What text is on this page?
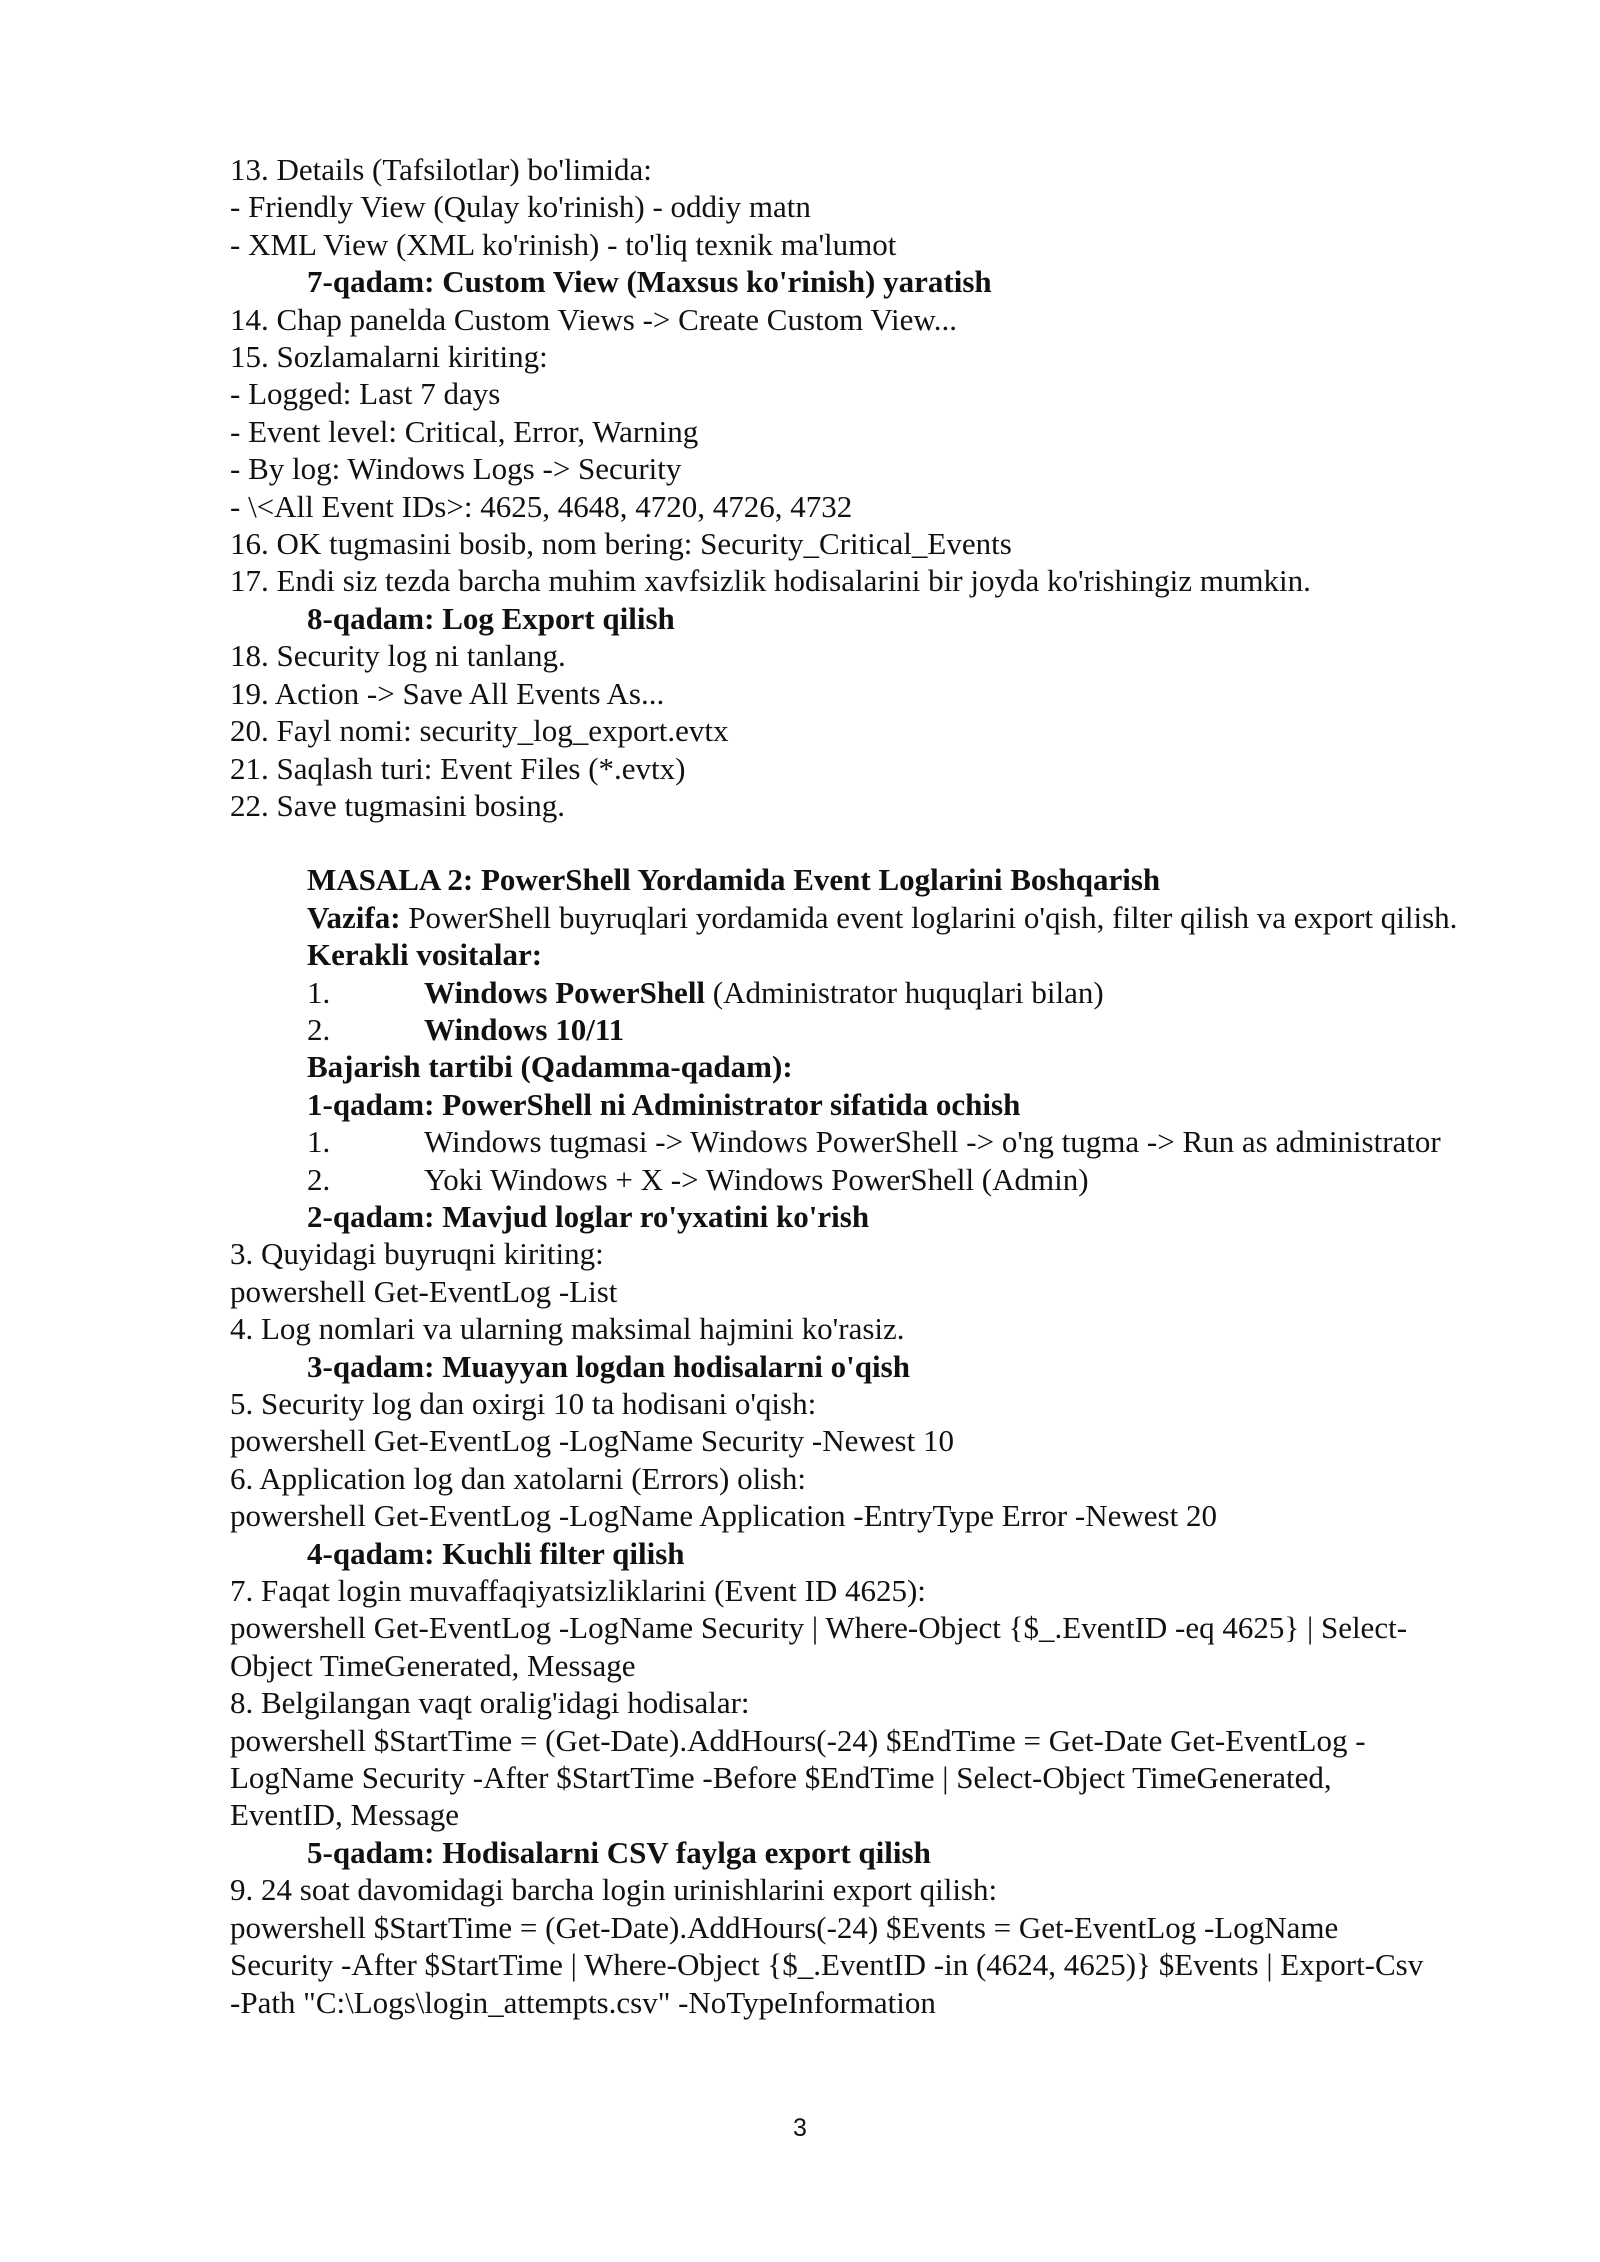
13. Details (Tafsilotlar) bo'limida:
- Friendly View (Qulay ko'rinish) - oddiy matn
- XML View (XML ko'rinish) - to'liq texnik ma'lumot
7-qadam: Custom View (Maxsus ko'rinish) yaratish
14. Chap panelda Custom Views -> Create Custom View...
15. Sozlamalarni kiriting:
- Logged: Last 7 days
- Event level: Critical, Error, Warning
- By log: Windows Logs -> Security
- \<All Event IDs>: 4625, 4648, 4720, 4726, 4732
16. OK tugmasini bosib, nom bering: Security_Critical_Events
17. Endi siz tezda barcha muhim xavfsizlik hodisalarini bir joyda ko'rishingiz mumkin.
8-qadam: Log Export qilish
18. Security log ni tanlang.
19. Action -> Save All Events As...
20. Fayl nomi: security_log_export.evtx
21. Saqlash turi: Event Files (*.evtx)
22. Save tugmasini bosing.
MASALA 2: PowerShell Yordamida Event Loglarini Boshqarish
Vazifa: PowerShell buyruqlari yordamida event loglarini o'qish, filter qilish va export qilish.
Kerakli vositalar:
1.	Windows PowerShell (Administrator huquqlari bilan)
2.	Windows 10/11
Bajarish tartibi (Qadamma-qadam):
1-qadam: PowerShell ni Administrator sifatida ochish
1.	Windows tugmasi -> Windows PowerShell -> o'ng tugma -> Run as administrator
2.	Yoki Windows + X -> Windows PowerShell (Admin)
2-qadam: Mavjud loglar ro'yxatini ko'rish
3. Quyidagi buyruqni kiriting:
powershell Get-EventLog -List
4. Log nomlari va ularning maksimal hajmini ko'rasiz.
3-qadam: Muayyan logdan hodisalarni o'qish
5. Security log dan oxirgi 10 ta hodisani o'qish:
powershell Get-EventLog -LogName Security -Newest 10
6. Application log dan xatolarni (Errors) olish:
powershell Get-EventLog -LogName Application -EntryType Error -Newest 20
4-qadam: Kuchli filter qilish
7. Faqat login muvaffaqiyatsizliklarini (Event ID 4625):
powershell Get-EventLog -LogName Security | Where-Object {$_.EventID -eq 4625} | Select-
Object TimeGenerated, Message
8. Belgilangan vaqt oralig'idagi hodisalar:
powershell $StartTime = (Get-Date).AddHours(-24) $EndTime = Get-Date Get-EventLog -
LogName Security -After $StartTime -Before $EndTime | Select-Object TimeGenerated,
EventID, Message
5-qadam: Hodisalarni CSV faylga export qilish
9. 24 soat davomidagi barcha login urinishlarini export qilish:
powershell $StartTime = (Get-Date).AddHours(-24) $Events = Get-EventLog -LogName
Security -After $StartTime | Where-Object {$_.EventID -in (4624, 4625)} $Events | Export-Csv
-Path "C:\Logs\login_attempts.csv" -NoTypeInformation
3
